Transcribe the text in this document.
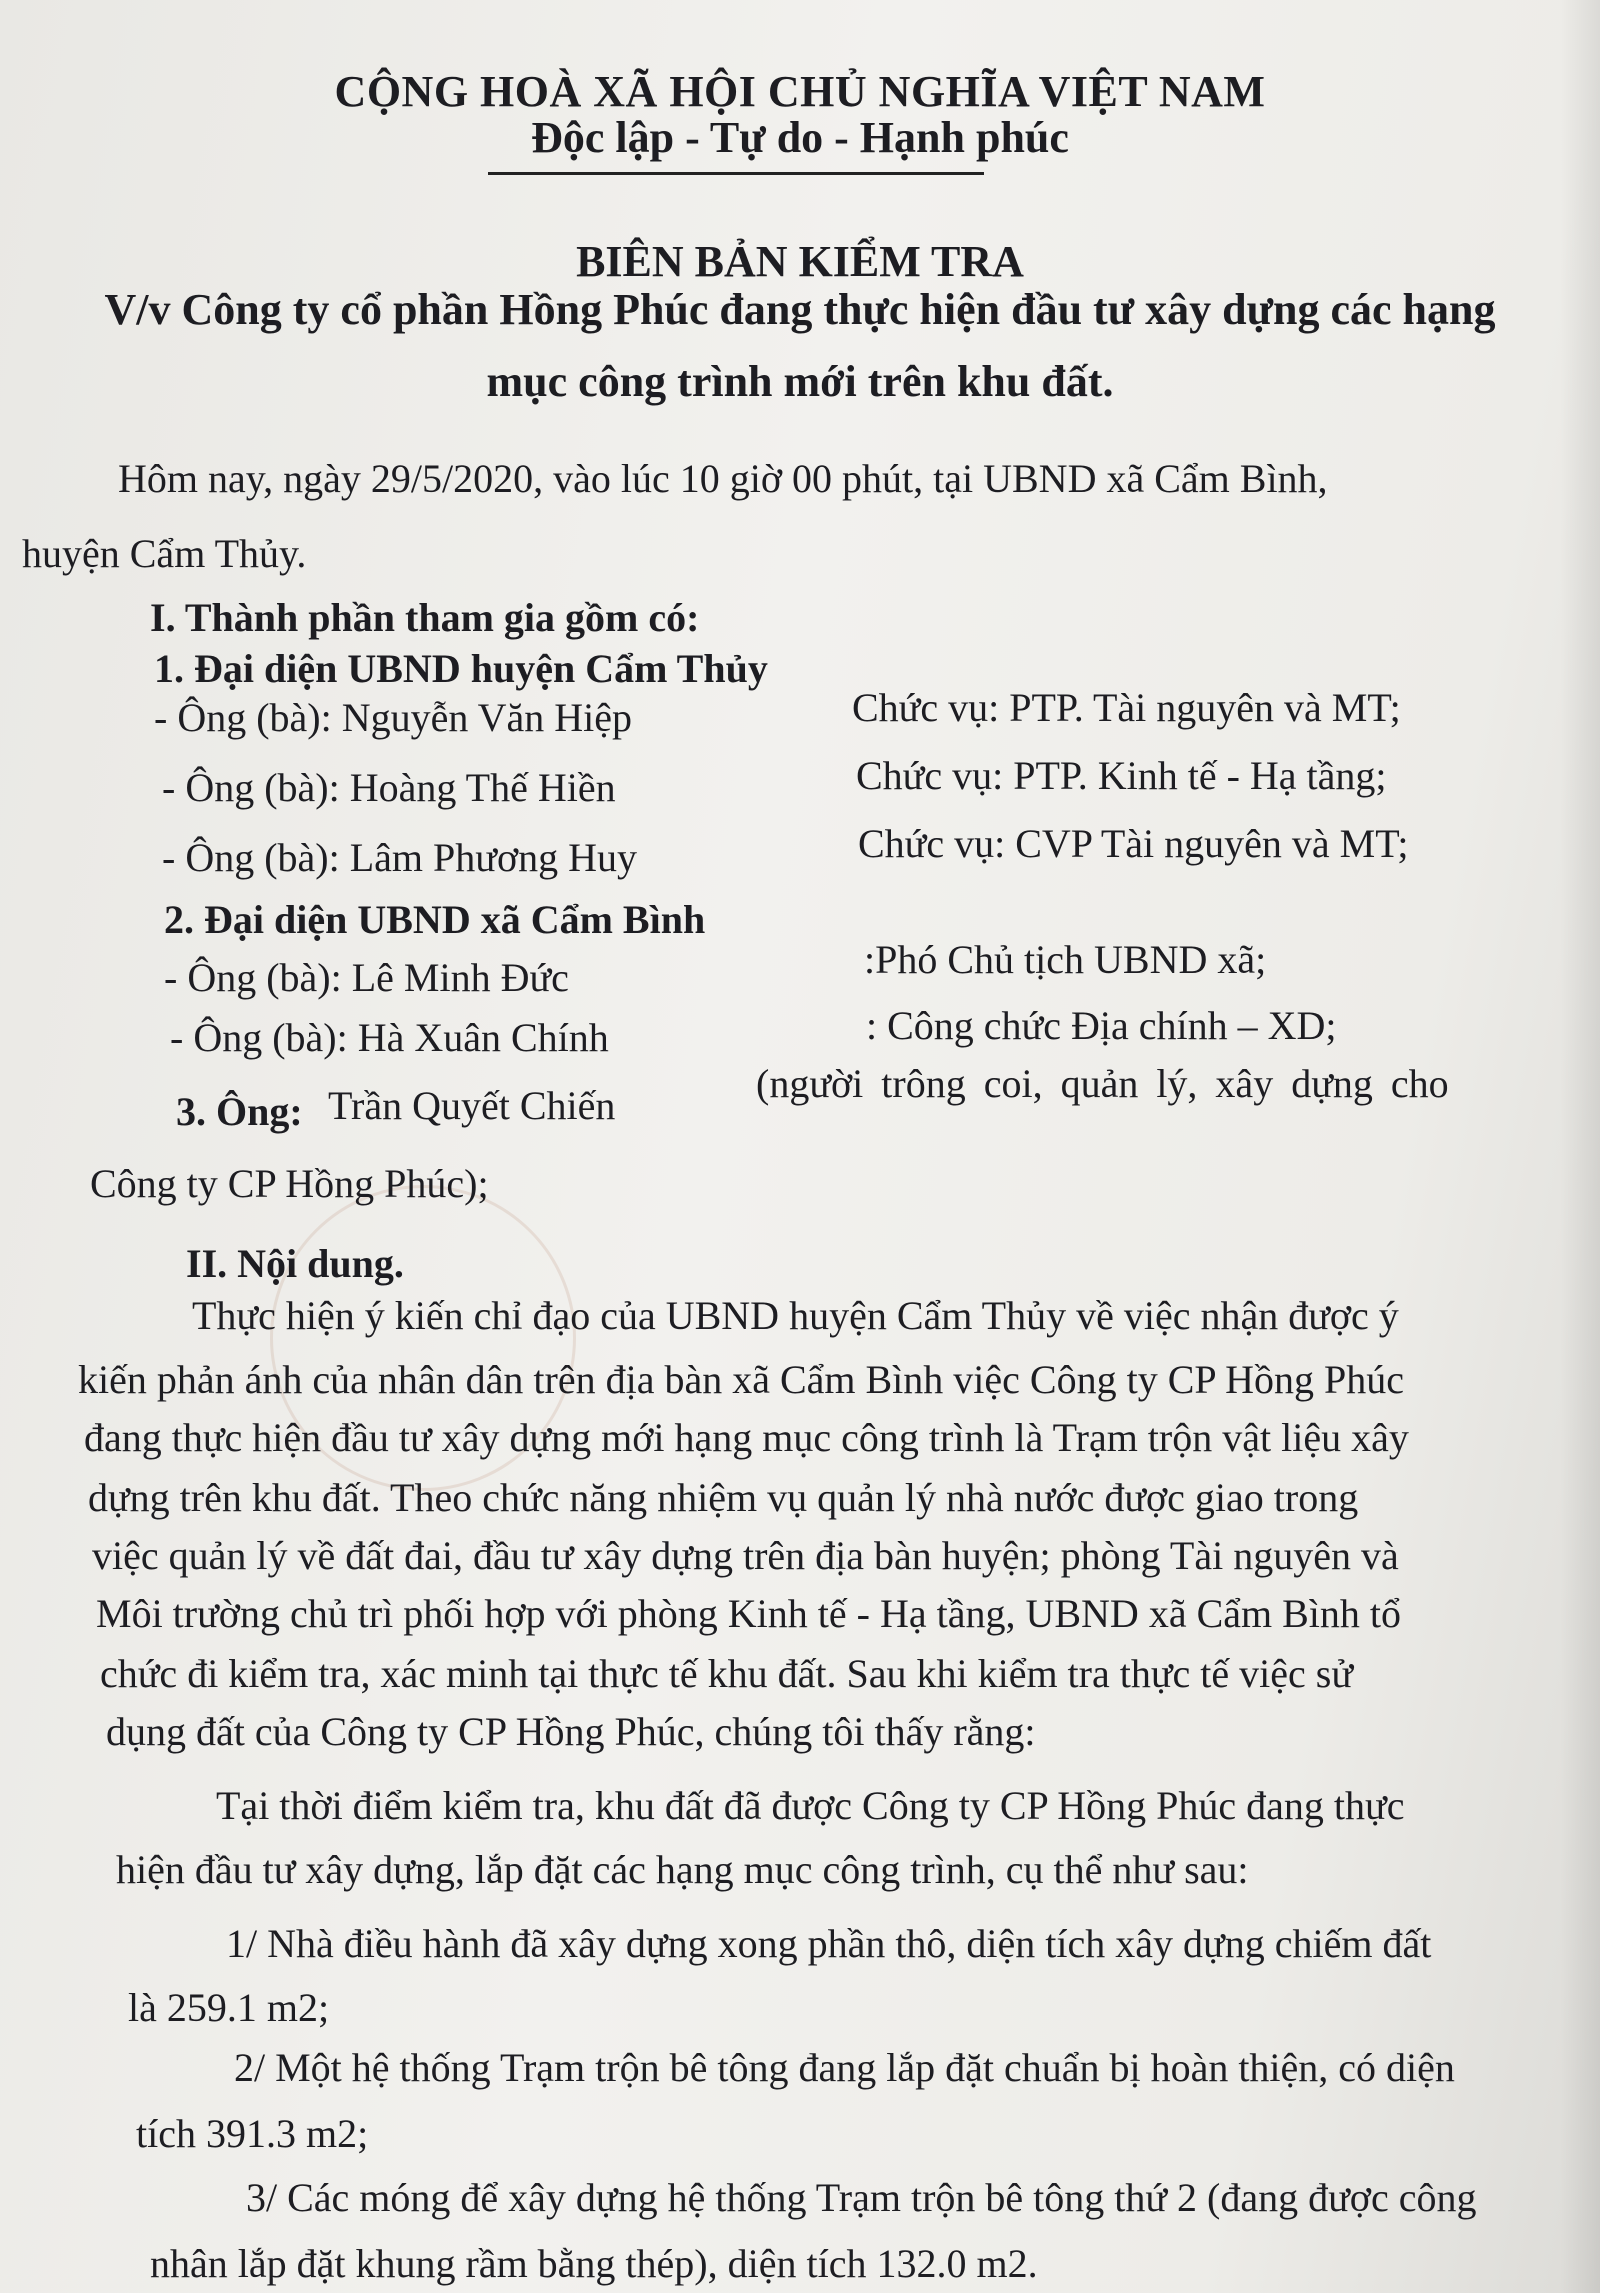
CỘNG HOÀ XÃ HỘI CHỦ NGHĨA VIỆT NAM
Độc lập - Tự do - Hạnh phúc
BIÊN BẢN KIỂM TRA
V/v Công ty cổ phần Hồng Phúc đang thực hiện đầu tư xây dựng các hạng
mục công trình mới trên khu đất.
Hôm nay, ngày 29/5/2020, vào lúc 10 giờ 00 phút, tại UBND xã Cẩm Bình,
huyện Cẩm Thủy.
I. Thành phần tham gia gồm có:
1. Đại diện UBND huyện Cẩm Thủy
- Ông (bà): Nguyễn Văn Hiệp	Chức vụ: PTP. Tài nguyên và MT;
- Ông (bà): Hoàng Thế Hiền	Chức vụ: PTP. Kinh tế - Hạ tầng;
- Ông (bà): Lâm Phương Huy	Chức vụ: CVP Tài nguyên và MT;
2. Đại diện UBND xã Cẩm Bình
- Ông (bà): Lê Minh Đức	:Phó Chủ tịch UBND xã;
- Ông (bà): Hà Xuân Chính	: Công chức Địa chính – XD;
3. Ông: Trần Quyết Chiến	(người trông coi, quản lý, xây dựng cho
Công ty CP Hồng Phúc);
II. Nội dung.
Thực hiện ý kiến chỉ đạo của UBND huyện Cẩm Thủy về việc nhận được ý
kiến phản ánh của nhân dân trên địa bàn xã Cẩm Bình việc Công ty CP Hồng Phúc
đang thực hiện đầu tư xây dựng mới hạng mục công trình là Trạm trộn vật liệu xây
dựng trên khu đất. Theo chức năng nhiệm vụ quản lý nhà nước được giao trong
việc quản lý về đất đai, đầu tư xây dựng trên địa bàn huyện; phòng Tài nguyên và
Môi trường chủ trì phối hợp với phòng Kinh tế - Hạ tầng, UBND xã Cẩm Bình tổ
chức đi kiểm tra, xác minh tại thực tế khu đất. Sau khi kiểm tra thực tế việc sử
dụng đất của Công ty CP Hồng Phúc, chúng tôi thấy rằng:
Tại thời điểm kiểm tra, khu đất đã được Công ty CP Hồng Phúc đang thực
hiện đầu tư xây dựng, lắp đặt các hạng mục công trình, cụ thể như sau:
1/ Nhà điều hành đã xây dựng xong phần thô, diện tích xây dựng chiếm đất
là 259.1 m2;
2/ Một hệ thống Trạm trộn bê tông đang lắp đặt chuẩn bị hoàn thiện, có diện
tích 391.3 m2;
3/ Các móng để xây dựng hệ thống Trạm trộn bê tông thứ 2 (đang được công
nhân lắp đặt khung rầm bằng thép), diện tích 132.0 m2.
